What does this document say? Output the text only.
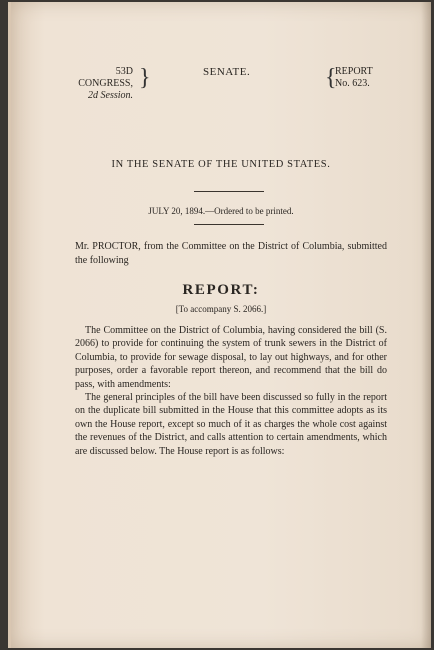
53D CONGRESS,
2d Session.
}	SENATE.	{
REPORT
No. 623.
IN THE SENATE OF THE UNITED STATES.
JULY 20, 1894.—Ordered to be printed.
Mr. PROCTOR, from the Committee on the District of Columbia, submitted the following
REPORT:
[To accompany S. 2066.]

The Committee on the District of Columbia, having considered the bill (S. 2066) to provide for continuing the system of trunk sewers in the District of Columbia, to provide for sewage disposal, to lay out highways, and for other purposes, order a favorable report thereon, and recommend that the bill do pass, with amendments:

The general principles of the bill have been discussed so fully in the report on the duplicate bill submitted in the House that this committee adopts as its own the House report, except so much of it as charges the whole cost against the revenues of the District, and calls attention to certain amendments, which are discussed below. The House report is as follows:
